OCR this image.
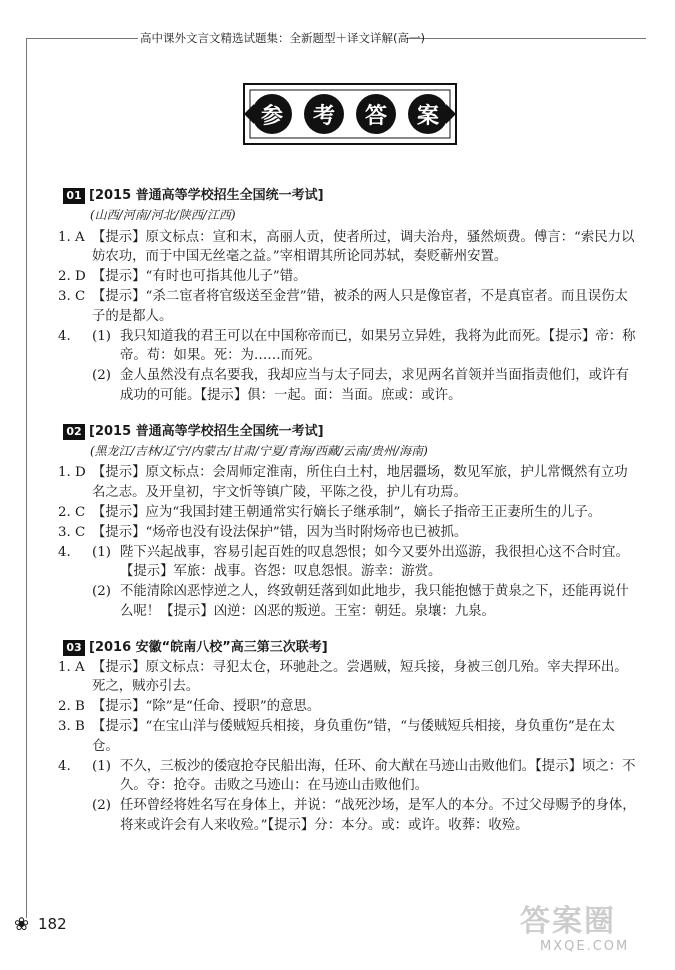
高中课外文言文精选试题集：全新题型＋译文详解(高一)
参	考	答	案
01 [2015 普通高等学校招生全国统一考试]
(山西/河南/河北/陕西/江西)
1. A 【提示】原文标点：宣和末，高丽人贡，使者所过，调夫治舟，骚然烦费。傅言：“索民力以妨农功，而于中国无丝毫之益。”宰相谓其所论同苏轼，奏贬蕲州安置。
2. D 【提示】“有时也可指其他儿子”错。
3. C 【提示】“杀二宦者将官级送至金营”错，被杀的两人只是像宦者，不是真宦者。而且误伤太子的是都人。
4.	(1) 我只知道我的君王可以在中国称帝而已，如果另立异姓，我将为此而死。【提示】帝：称帝。苟：如果。死：为……而死。
(2) 金人虽然没有点名要我，我却应当与太子同去，求见两名首领并当面指责他们，或许有成功的可能。【提示】俱：一起。面：当面。庶或：或许。
02 [2015 普通高等学校招生全国统一考试]
(黑龙江/吉林/辽宁/内蒙古/甘肃/宁夏/青海/西藏/云南/贵州/海南)
1. D 【提示】原文标点：会周师定淮南，所住白土村，地居疆场，数见军旅，护儿常慨然有立功名之志。及开皇初，宇文忻等镇广陵，平陈之役，护儿有功焉。
2. C 【提示】应为“我国封建王朝通常实行嫡长子继承制”，嫡长子指帝王正妻所生的儿子。
3. C 【提示】“炀帝也没有设法保护”错，因为当时附炀帝也已被抓。
4.	(1) 陛下兴起战事，容易引起百姓的叹息怨恨；如今又要外出巡游，我很担心这不合时宜。【提示】军旅：战事。咨怨：叹息怨恨。游幸：游赏。
(2) 不能清除凶恶悖逆之人，终致朝廷落到如此地步，我只能抱憾于黄泉之下，还能再说什么呢！【提示】凶逆：凶恶的叛逆。王室：朝廷。泉壤：九泉。
03 [2016 安徽“皖南八校”高三第三次联考]
1. A 【提示】原文标点：寻犯太仓，环驰赴之。尝遇贼，短兵接，身被三创几殆。宰夫捍环出。死之，贼亦引去。
2. B 【提示】“除”是“任命、授职”的意思。
3. B 【提示】“在宝山洋与倭贼短兵相接，身负重伤”错，“与倭贼短兵相接，身负重伤”是在太仓。
4.	(1) 不久，三板沙的倭寇抢夺民船出海，任环、俞大猷在马迹山击败他们。【提示】顷之：不久。夺：抢夺。击败之马迹山：在马迹山击败他们。
(2) 任环曾经将姓名写在身体上，并说：“战死沙场，是军人的本分。不过父母赐予的身体，将来或许会有人来收殓。”【提示】分：本分。或：或许。收葬：收殓。
❀ 182	答案圈
MXQE.COM
